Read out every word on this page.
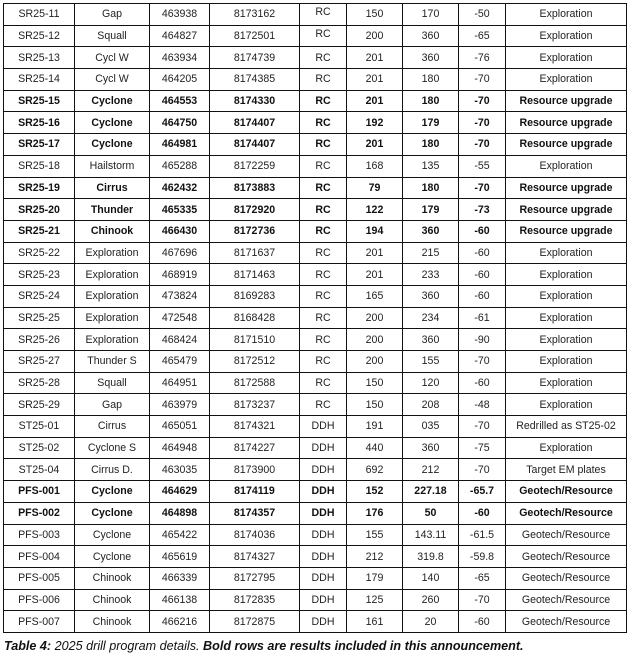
SR25-11	Gap	463938	8173162	RC	150	170	-50	Exploration
SR25-12	Squall	464827	8172501	RC	200	360	-65	Exploration
SR25-13	Cycl W	463934	8174739	RC	201	360	-76	Exploration
SR25-14	Cycl W	464205	8174385	RC	201	180	-70	Exploration
SR25-15	Cyclone	464553	8174330	RC	201	180	-70	Resource upgrade
SR25-16	Cyclone	464750	8174407	RC	192	179	-70	Resource upgrade
SR25-17	Cyclone	464981	8174407	RC	201	180	-70	Resource upgrade
SR25-18	Hailstorm	465288	8172259	RC	168	135	-55	Exploration
SR25-19	Cirrus	462432	8173883	RC	79	180	-70	Resource upgrade
SR25-20	Thunder	465335	8172920	RC	122	179	-73	Resource upgrade
SR25-21	Chinook	466430	8172736	RC	194	360	-60	Resource upgrade
SR25-22	Exploration	467696	8171637	RC	201	215	-60	Exploration
SR25-23	Exploration	468919	8171463	RC	201	233	-60	Exploration
SR25-24	Exploration	473824	8169283	RC	165	360	-60	Exploration
SR25-25	Exploration	472548	8168428	RC	200	234	-61	Exploration
SR25-26	Exploration	468424	8171510	RC	200	360	-90	Exploration
SR25-27	Thunder S	465479	8172512	RC	200	155	-70	Exploration
SR25-28	Squall	464951	8172588	RC	150	120	-60	Exploration
SR25-29	Gap	463979	8173237	RC	150	208	-48	Exploration
ST25-01	Cirrus	465051	8174321	DDH	191	035	-70	Redrilled as ST25-02
ST25-02	Cyclone S	464948	8174227	DDH	440	360	-75	Exploration
ST25-04	Cirrus D.	463035	8173900	DDH	692	212	-70	Target EM plates
PFS-001	Cyclone	464629	8174119	DDH	152	227.18	-65.7	Geotech/Resource
PFS-002	Cyclone	464898	8174357	DDH	176	50	-60	Geotech/Resource
PFS-003	Cyclone	465422	8174036	DDH	155	143.11	-61.5	Geotech/Resource
PFS-004	Cyclone	465619	8174327	DDH	212	319.8	-59.8	Geotech/Resource
PFS-005	Chinook	466339	8172795	DDH	179	140	-65	Geotech/Resource
PFS-006	Chinook	466138	8172835	DDH	125	260	-70	Geotech/Resource
PFS-007	Chinook	466216	8172875	DDH	161	20	-60	Geotech/Resource
Table 4: 2025 drill program details. Bold rows are results included in this announcement.
